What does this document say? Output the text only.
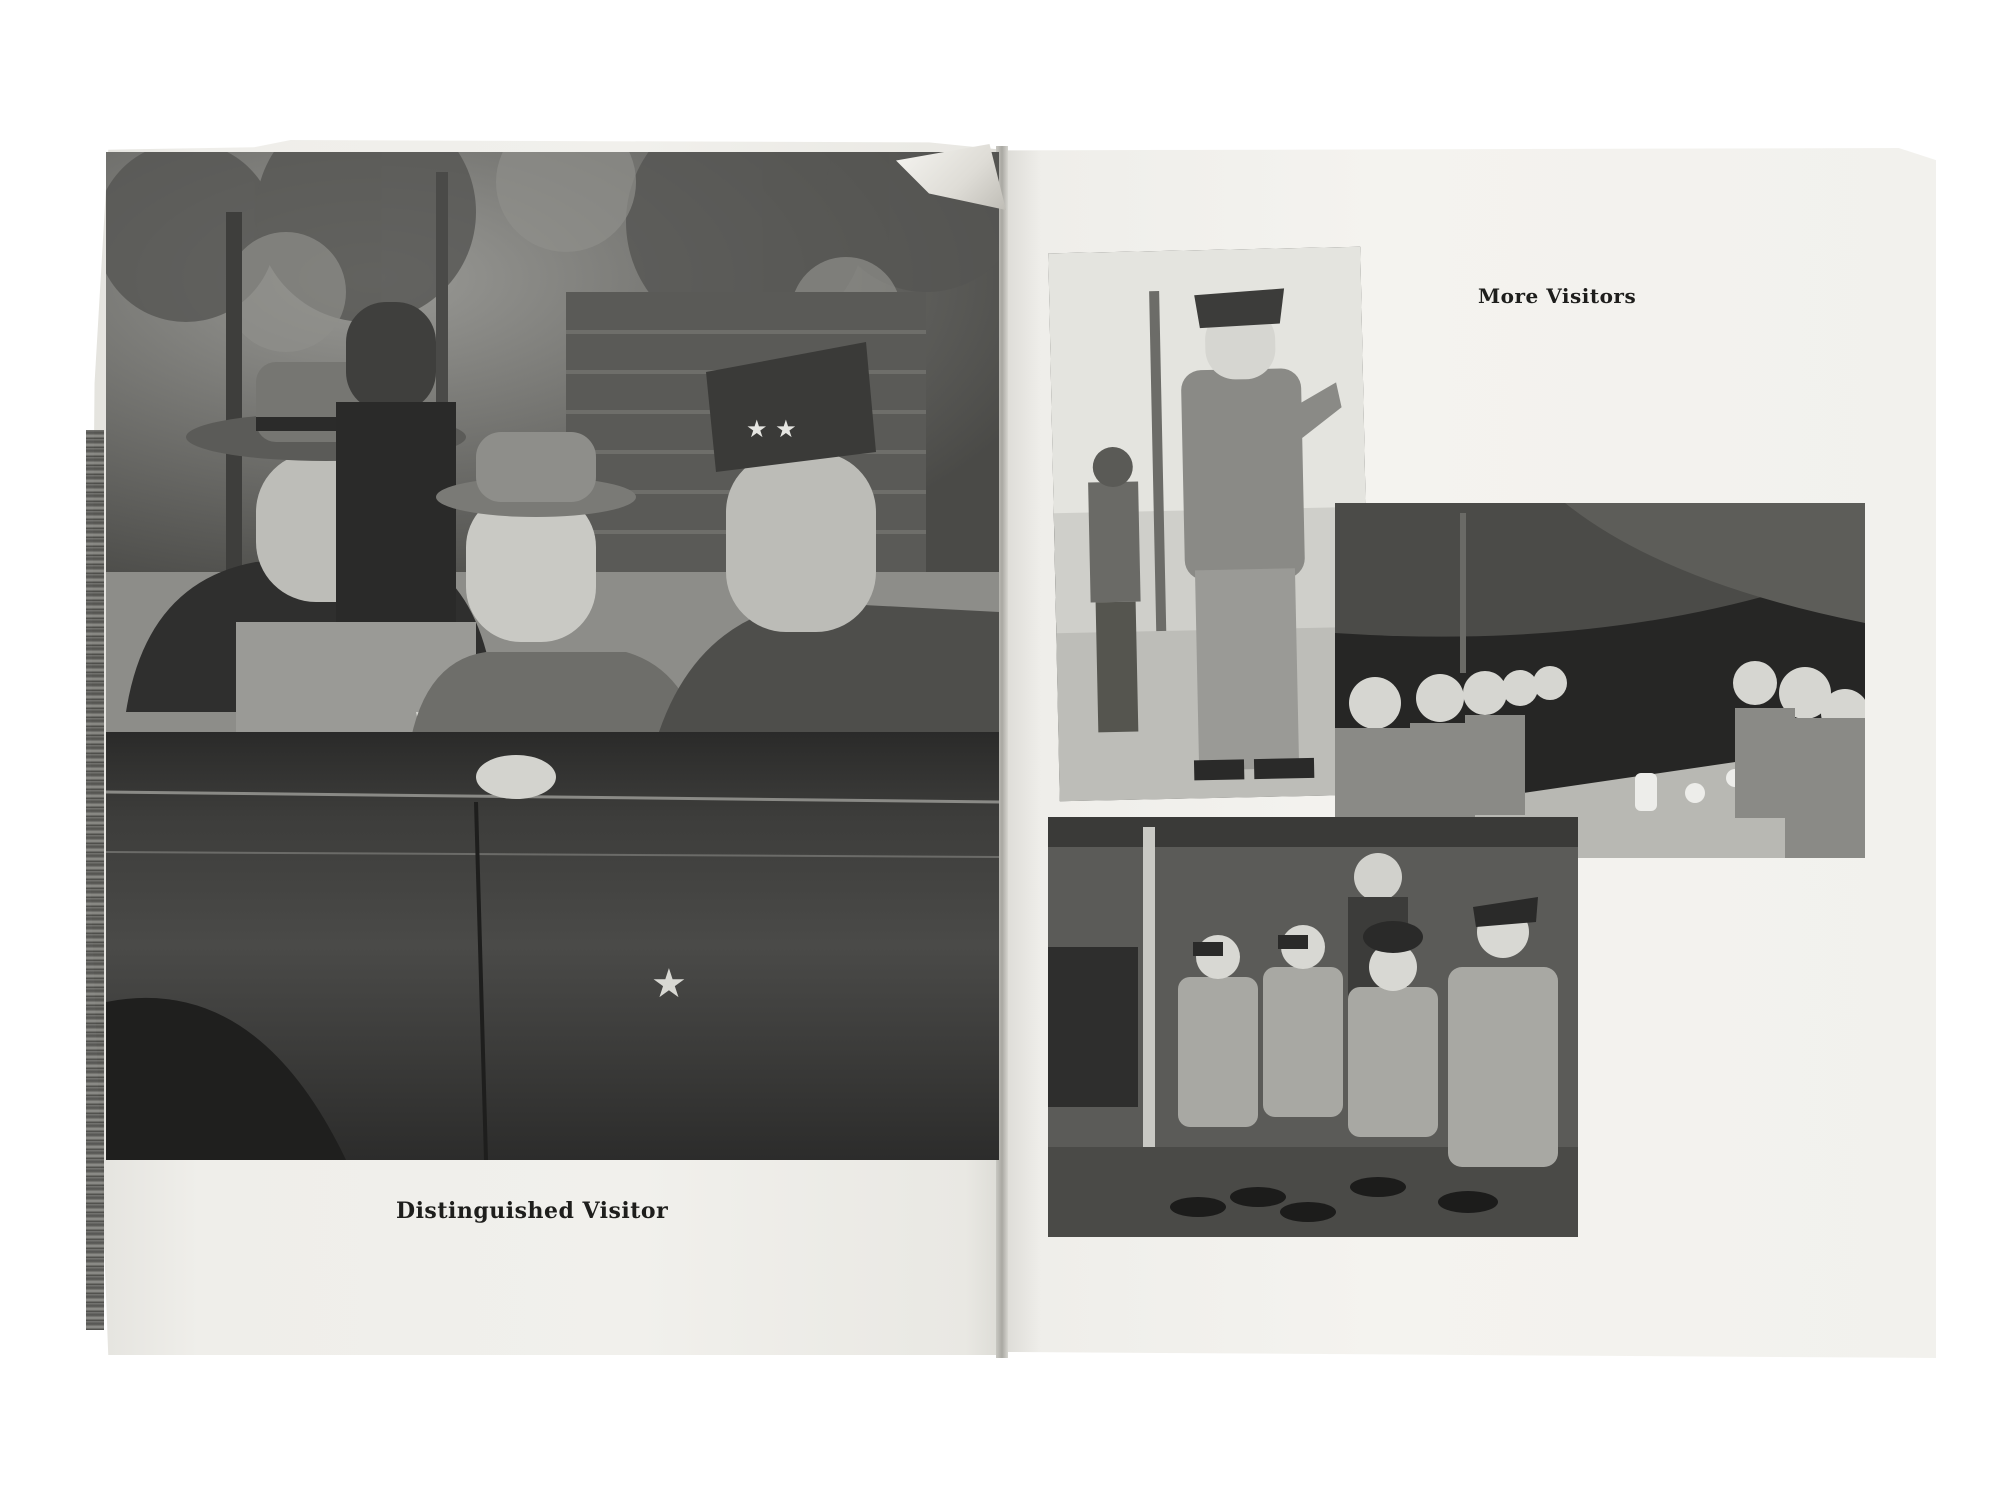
★ ★
★
Distinguished Visitor
More Visitors
